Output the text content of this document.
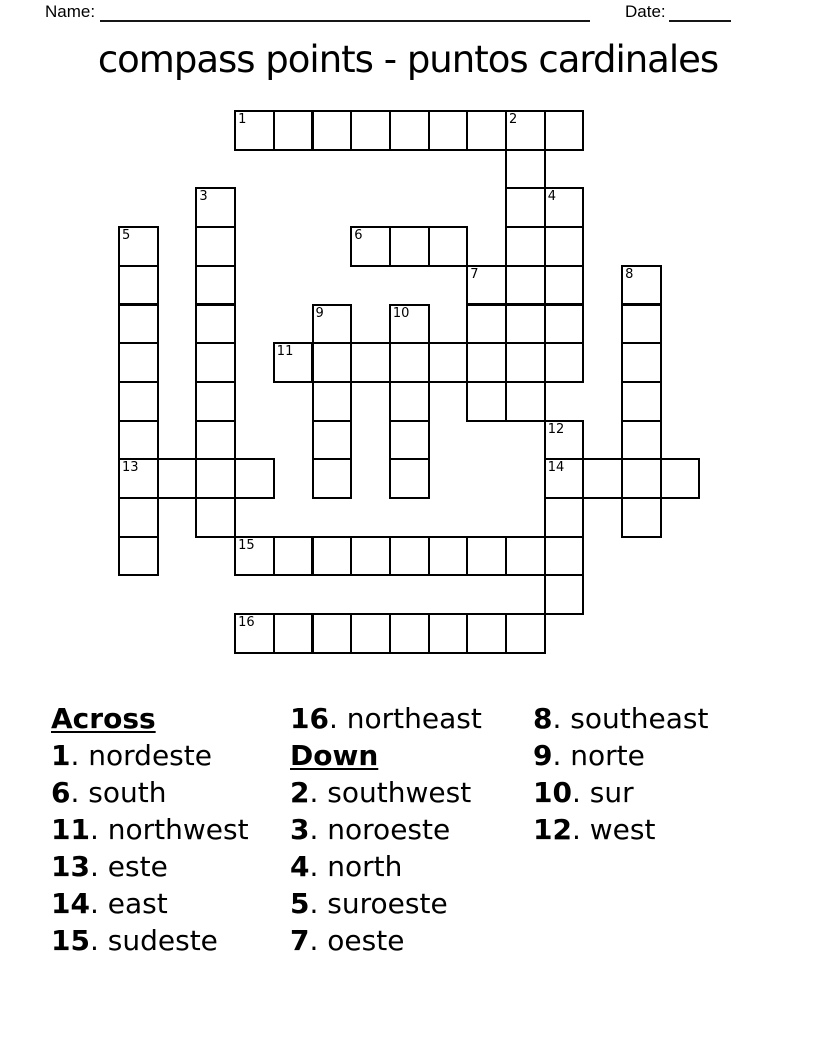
Name:	Date:
compass points - puntos cardinales
1	2
3	4
5	6
7	8
9	10
11
12
13	14
15
16
Across
1. nordeste
6. south
11. northwest
13. este
14. east
15. sudeste
16. northeast
Down
2. southwest
3. noroeste
4. north
5. suroeste
7. oeste
8. southeast
9. norte
10. sur
12. west
